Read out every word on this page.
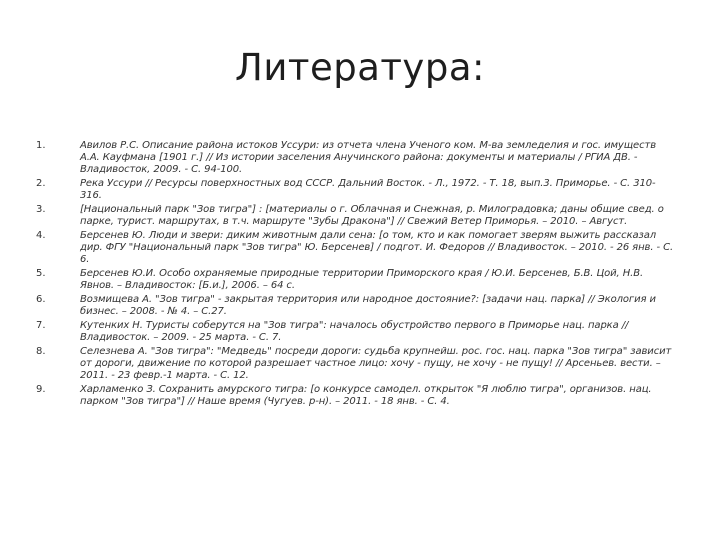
Литература:
1.	Авилов Р.С. Описание района истоков Уссури: из отчета члена Ученого ком. М-ва земледелия и гос. имуществ А.А. Кауфмана [1901 г.] // Из истории заселения Анучинского района: документы и материалы / РГИА ДВ. - Владивосток, 2009. - С. 94-100.
2.	Река Уссури // Ресурсы поверхностных вод СССР. Дальний Восток. - Л., 1972. - Т. 18, вып.3. Приморье. - С. 310-316.
3.	[Национальный парк "Зов тигра"] : [материалы о г. Облачная и Снежная, р. Милоградовка; даны общие свед. о парке, турист. маршрутах, в т.ч. маршруте "Зубы Дракона"] // Свежий Ветер Приморья. – 2010. – Август.
4.	Берсенев Ю. Люди и звери: диким животным дали сена: [о том, кто и как помогает зверям выжить рассказал дир. ФГУ "Национальный парк "Зов тигра" Ю. Берсенев] / подгот. И. Федоров // Владивосток. – 2010. - 26 янв. - С. 6.
5.	Берсенев Ю.И. Особо охраняемые природные территории Приморского края / Ю.И. Берсенев, Б.В. Цой, Н.В. Явнов. – Владивосток: [Б.и.], 2006. – 64 с.
6.	Возмищева А. "Зов тигра" - закрытая территория или народное достояние?: [задачи нац. парка] // Экология и бизнес. – 2008. - № 4. – С.27.
7.	Кутенких Н. Туристы соберутся на "Зов тигра": началось обустройство первого в Приморье нац. парка // Владивосток. – 2009. - 25 марта. - С. 7.
8.	Селезнева А. "Зов тигра": "Медведь" посреди дороги: судьба крупнейш. рос. гос. нац. парка "Зов тигра" зависит от дороги, движение по которой разрешает частное лицо: хочу - пущу, не хочу - не пущу! // Арсеньев. вести. – 2011. - 23 февр.-1 марта. - С. 12.
9.	Харламенко З. Сохранить амурского тигра: [о конкурсе самодел. открыток "Я люблю тигра", организов. нац. парком "Зов тигра"] // Наше время (Чугуев. р-н). – 2011. - 18 янв. - С. 4.
